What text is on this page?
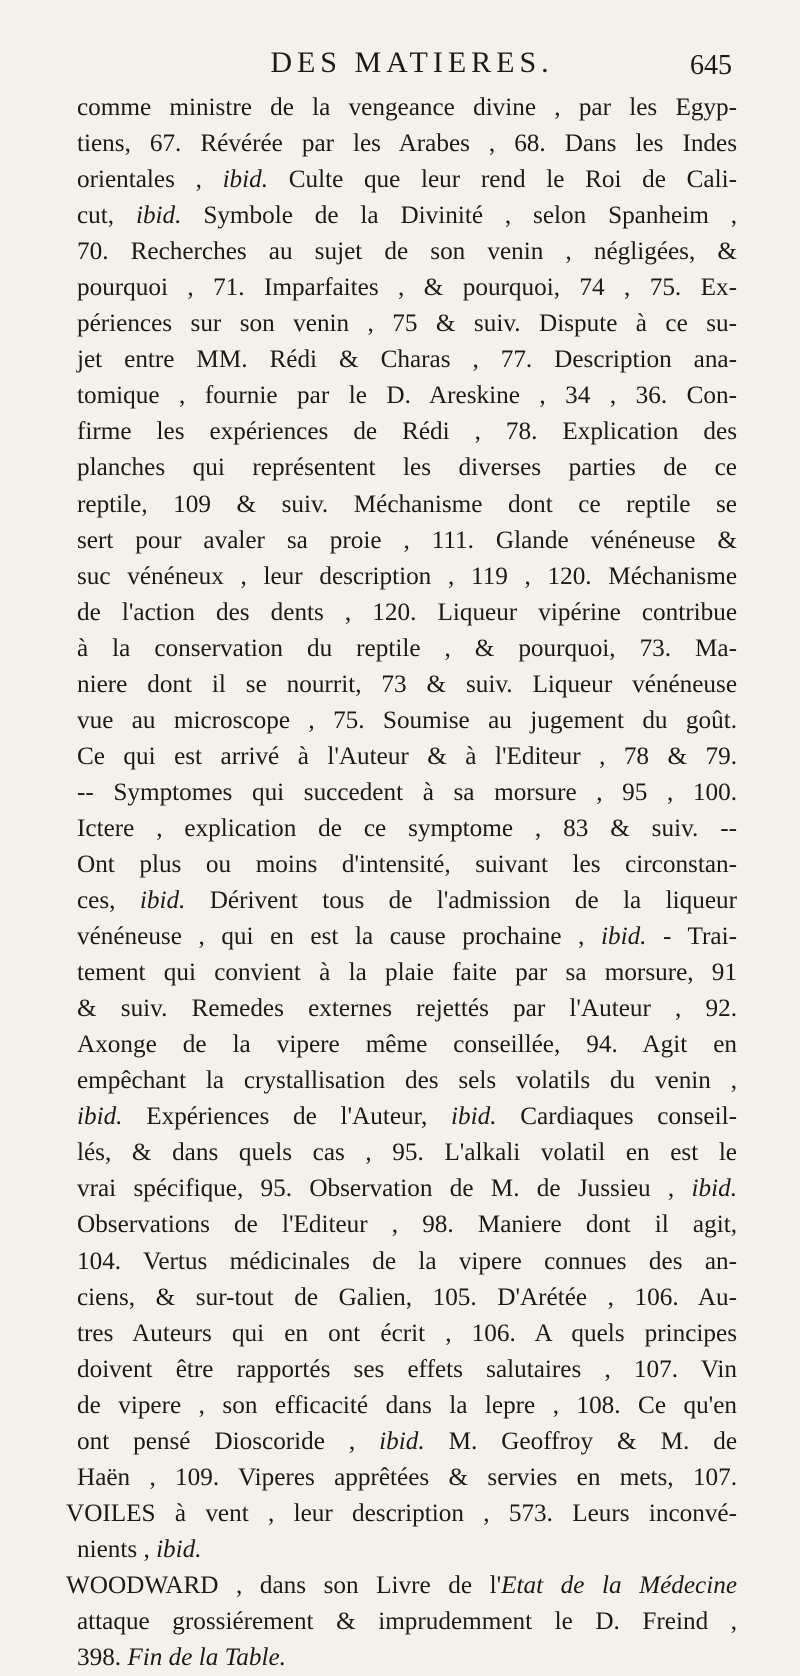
DES MATIERES.	645
comme ministre de la vengeance divine , par les Egyp-
tiens, 67. Révérée par les Arabes , 68. Dans les Indes
orientales , ibid. Culte que leur rend le Roi de Cali-
cut, ibid. Symbole de la Divinité , selon Spanheim ,
70. Recherches au sujet de son venin , négligées, &
pourquoi , 71. Imparfaites , & pourquoi, 74 , 75. Ex-
périences sur son venin , 75 & suiv. Dispute à ce su-
jet entre MM. Rédi & Charas , 77. Description ana-
tomique , fournie par le D. Areskine , 34 , 36. Con-
firme les expériences de Rédi , 78. Explication des
planches qui représentent les diverses parties de ce
reptile, 109 & suiv. Méchanisme dont ce reptile se
sert pour avaler sa proie , 111. Glande vénéneuse &
suc vénéneux , leur description , 119 , 120. Méchanisme
de l'action des dents , 120. Liqueur vipérine contribue
à la conservation du reptile , & pourquoi, 73. Ma-
niere dont il se nourrit, 73 & suiv. Liqueur vénéneuse
vue au microscope , 75. Soumise au jugement du goût.
Ce qui est arrivé à l'Auteur & à l'Editeur , 78 & 79.
-- Symptomes qui succedent à sa morsure , 95 , 100.
Ictere , explication de ce symptome , 83 & suiv. --
Ont plus ou moins d'intensité, suivant les circonstan-
ces, ibid. Dérivent tous de l'admission de la liqueur
vénéneuse , qui en est la cause prochaine , ibid. - Trai-
tement qui convient à la plaie faite par sa morsure, 91
& suiv. Remedes externes rejettés par l'Auteur , 92.
Axonge de la vipere même conseillée, 94. Agit en
empêchant la crystallisation des sels volatils du venin ,
ibid. Expériences de l'Auteur, ibid. Cardiaques conseil-
lés, & dans quels cas , 95. L'alkali volatil en est le
vrai spécifique, 95. Observation de M. de Jussieu , ibid.
Observations de l'Editeur , 98. Maniere dont il agit,
104. Vertus médicinales de la vipere connues des an-
ciens, & sur-tout de Galien, 105. D'Arétée , 106. Au-
tres Auteurs qui en ont écrit , 106. A quels principes
doivent être rapportés ses effets salutaires , 107. Vin
de vipere , son efficacité dans la lepre , 108. Ce qu'en
ont pensé Dioscoride , ibid. M. Geoffroy & M. de
Haën , 109. Viperes apprêtées & servies en mets, 107.
VOILES à vent , leur description , 573. Leurs inconvé-
nients , ibid.
WOODWARD , dans son Livre de l'Etat de la Médecine
attaque grossiérement & imprudemment le D. Freind ,
398. Fin de la Table.
